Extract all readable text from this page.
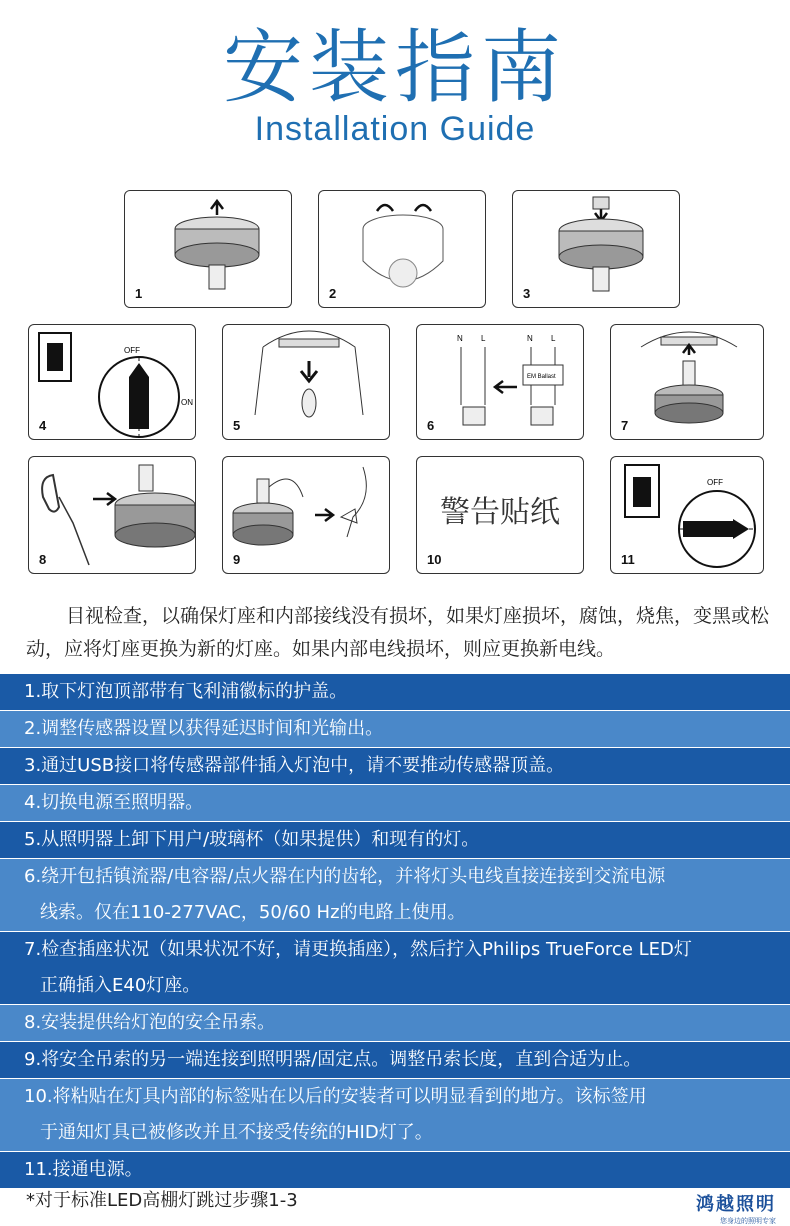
安装指南
Installation Guide
1	2	3
OFF
ON
4	5
N L	N L
EM Ballast
6	7
8	9
警告贴纸
10
OFF
11

目视检查，以确保灯座和内部接线没有损坏，如果灯座损坏，腐蚀，烧焦，变黑或松动，应将灯座更换为新的灯座。如果内部电线损坏，则应更换新电线。

1.取下灯泡顶部带有飞利浦徽标的护盖。
2.调整传感器设置以获得延迟时间和光输出。
3.通过USB接口将传感器部件插入灯泡中，请不要推动传感器顶盖。
4.切换电源至照明器。
5.从照明器上卸下用户/玻璃杯（如果提供）和现有的灯。
6.绕开包括镇流器/电容器/点火器在内的齿轮，并将灯头电线直接连接到交流电源
线索。仅在110-277VAC，50/60 Hz的电路上使用。
7.检查插座状况（如果状况不好，请更换插座），然后拧入Philips TrueForce LED灯
正确插入E40灯座。
8.安装提供给灯泡的安全吊索。
9.将安全吊索的另一端连接到照明器/固定点。调整吊索长度，直到合适为止。
10.将粘贴在灯具内部的标签贴在以后的安装者可以明显看到的地方。该标签用
于通知灯具已被修改并且不接受传统的HID灯了。
11.接通电源。
*对于标准LED高棚灯跳过步骤1-3	鸿越照明
您身边的照明专家
